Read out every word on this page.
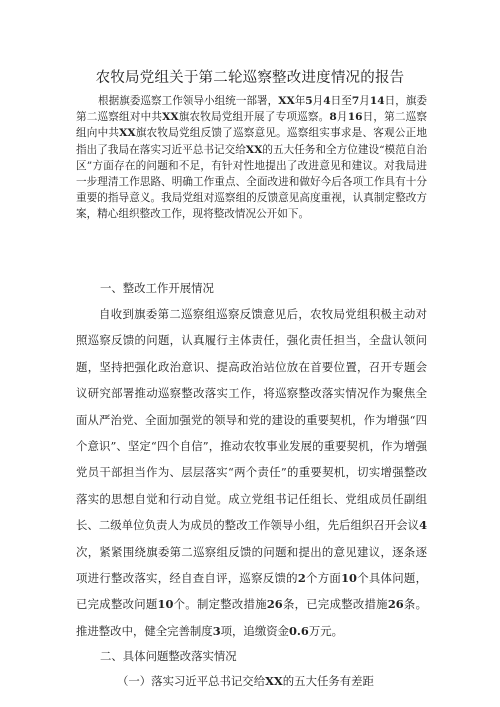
农牧局党组关于第二轮巡察整改进度情况的报告

根据旗委巡察工作领导小组统一部署，XX年5月4日至7月14日，旗委第二巡察组对中共XX旗农牧局党组开展了专项巡察。8月16日，第二巡察组向中共XX旗农牧局党组反馈了巡察意见。巡察组实事求是、客观公正地指出了我局在落实习近平总书记交给XX的五大任务和全方位建设“模范自治区”方面存在的问题和不足，有针对性地提出了改进意见和建议。对我局进一步理清工作思路、明确工作重点、全面改进和做好今后各项工作具有十分重要的指导意义。我局党组对巡察组的反馈意见高度重视，认真制定整改方案，精心组织整改工作，现将整改情况公开如下。

一、整改工作开展情况

自收到旗委第二巡察组巡察反馈意见后，农牧局党组积极主动对照巡察反馈的问题，认真履行主体责任，强化责任担当，全盘认领问题，坚持把强化政治意识、提高政治站位放在首要位置，召开专题会议研究部署推动巡察整改落实工作，将巡察整改落实情况作为聚焦全面从严治党、全面加强党的领导和党的建设的重要契机，作为增强“四个意识”、坚定“四个自信”，推动农牧事业发展的重要契机，作为增强党员干部担当作为、层层落实“两个责任”的重要契机，切实增强整改落实的思想自觉和行动自觉。成立党组书记任组长、党组成员任副组长、二级单位负责人为成员的整改工作领导小组，先后组织召开会议4次，紧紧围绕旗委第二巡察组反馈的问题和提出的意见建议，逐条逐项进行整改落实，经自查自评，巡察反馈的2个方面10个具体问题，已完成整改问题10个。制定整改措施26条，已完成整改措施26条。推进整改中，健全完善制度3项，追缴资金0.6万元。

二、具体问题整改落实情况

（一）落实习近平总书记交给XX的五大任务有差距
